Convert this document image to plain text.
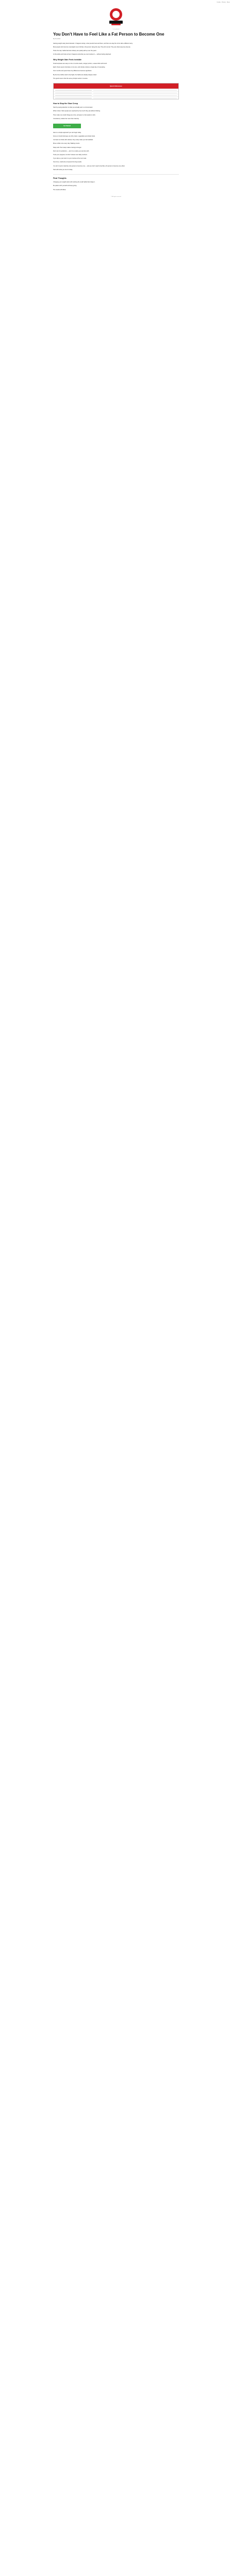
Cookie · Privacy · Menu
Last updated
You Don't Have to Feel Like a Fat Person to Become One
By the Author

Gaining weight rarely feels dramatic. It happens slowly, a few pounds here and there, and then one day the mirror tells a different story.

Most people who become overweight never felt like a 'fat person' along the way. They felt normal. They ate what everyone else ate.

That's the trap: habits that feel ordinary can quietly add up over the years.

In this article we'll look at how it happens and what you can do about it — without feeling deprived.

Why Weight Gain Feels Invisible

Small surpluses are easy to miss. An extra snack, a larger portion, a sweet drink with lunch.

Each choice seems harmless on its own, and nobody notices a single day of overeating.

Over months and years these tiny differences become significant.

By the time clothes start to feel tight, the habits are already deeply rooted.

The good news is that the same principle works in reverse.

Quick Reference
How to Stop the Slow Creep

Start by paying attention to what you actually eat in a normal week.

Write it down. Most people are surprised by how much they eat without thinking.

Then make one small change at a time, and give it a few weeks to stick.

Consistency matters far more than intensity.

Get Started

Here is a simple approach you can begin today.

Focus on foods that keep you full: protein, vegetables and whole foods.

Cut back on drinks with calories; they rarely make you feel satisfied.

Move a little more every day. Walking counts.

Sleep well. Poor sleep makes cravings stronger.

Don't aim for perfection — aim for a routine you can live with.

Track your progress, but don't obsess over daily numbers.

If you slip up, just return to your routine at the next meal.

Over time, small wins compound into big results.

You don't need to feel like a fat person to become one — and you don't need to feel like a fit person to become one either.

Start with what you can do today.

Final Thoughts

Changing your weight starts with noticing the small habits that shape it.

Be patient with yourself and keep going.

The results will follow.

© All rights reserved
